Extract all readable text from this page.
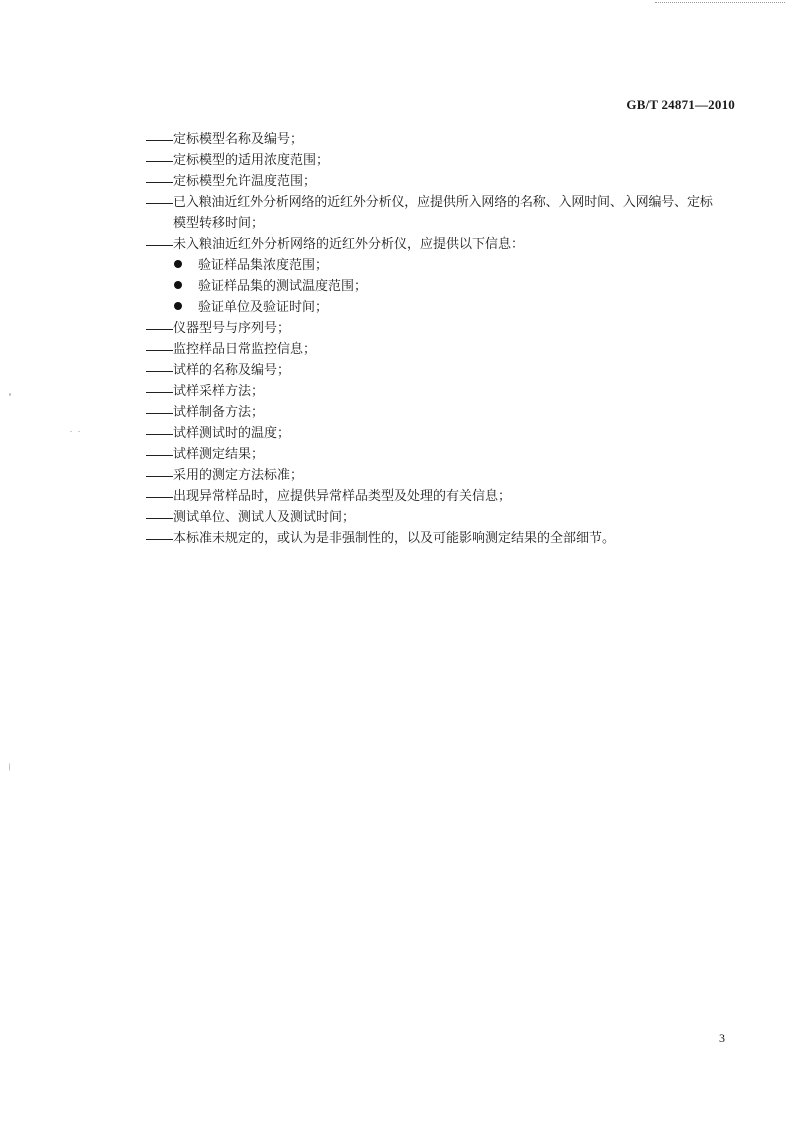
GB/T 24871—2010
定标模型名称及编号；
定标模型的适用浓度范围；
定标模型允许温度范围；
已入粮油近红外分析网络的近红外分析仪，应提供所入网络的名称、入网时间、入网编号、定标
模型转移时间；
未入粮油近红外分析网络的近红外分析仪，应提供以下信息：
验证样品集浓度范围；
验证样品集的测试温度范围；
验证单位及验证时间；
仪器型号与序列号；
监控样品日常监控信息；
试样的名称及编号；
试样采样方法；
试样制备方法；
试样测试时的温度；
试样测定结果；
采用的测定方法标准；
出现异常样品时，应提供异常样品类型及处理的有关信息；
测试单位、测试人及测试时间；
本标准未规定的，或认为是非强制性的，以及可能影响测定结果的全部细节。
3
